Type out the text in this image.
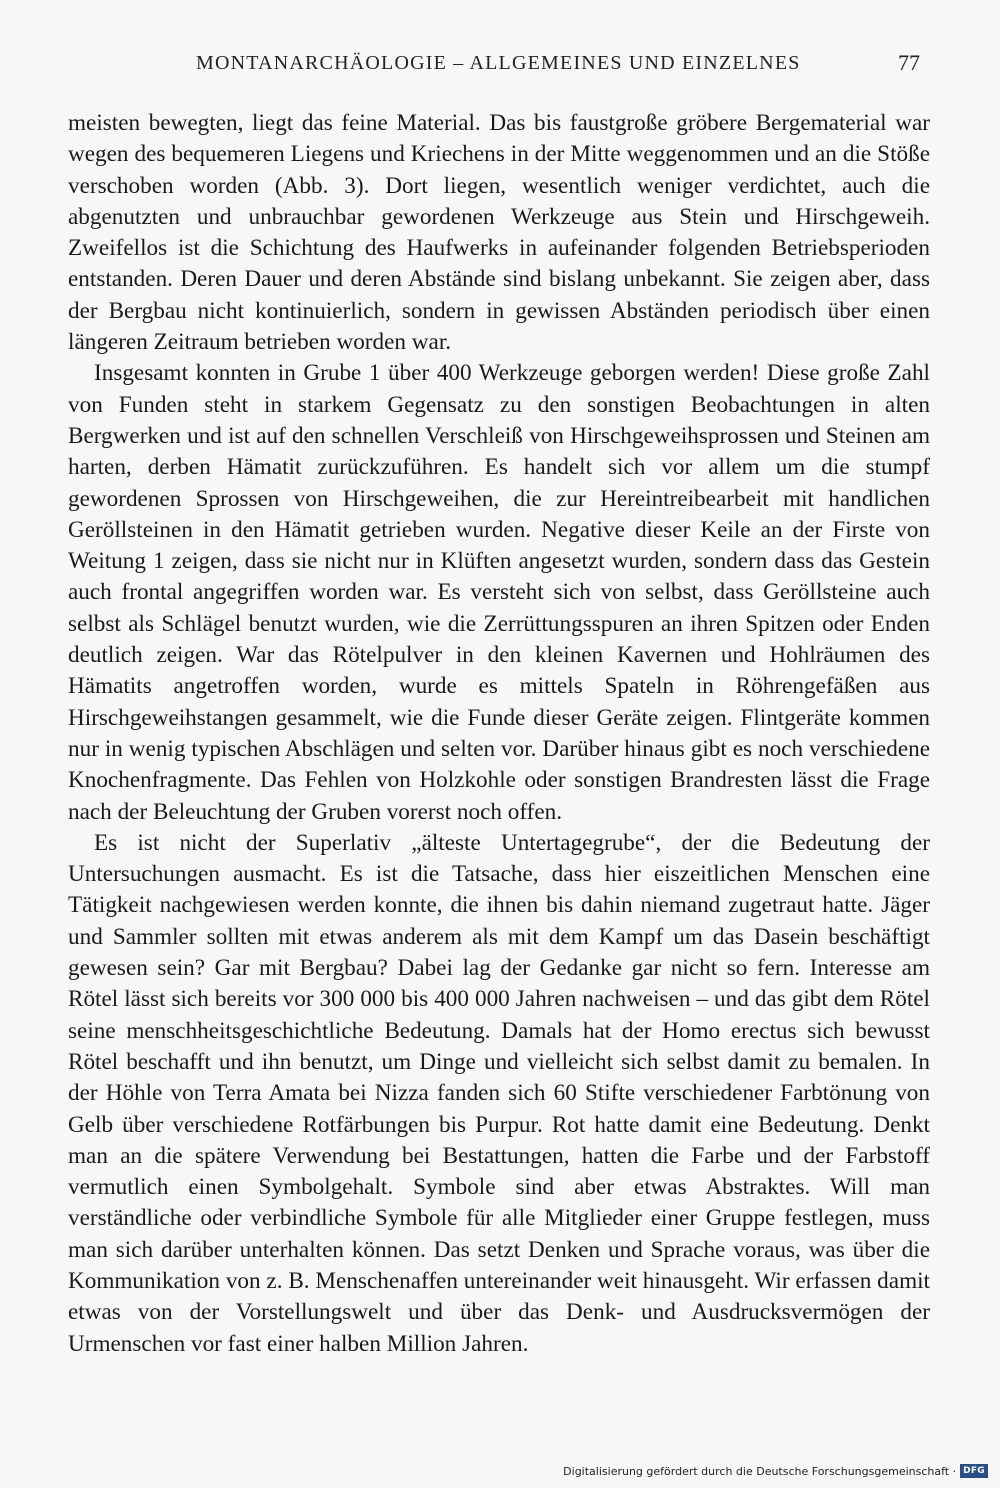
MONTANARCHÄOLOGIE – ALLGEMEINES UND EINZELNES	77

meisten bewegten, liegt das feine Material. Das bis faustgroße gröbere Bergematerial war wegen des bequemeren Liegens und Kriechens in der Mitte weggenommen und an die Stöße verschoben worden (Abb. 3). Dort liegen, wesentlich weniger verdichtet, auch die abgenutzten und unbrauchbar gewordenen Werkzeuge aus Stein und Hirschgeweih. Zweifellos ist die Schichtung des Haufwerks in aufeinander folgenden Betriebsperioden entstanden. Deren Dauer und deren Abstände sind bislang unbekannt. Sie zeigen aber, dass der Bergbau nicht kontinuierlich, sondern in gewissen Abständen periodisch über einen längeren Zeitraum betrieben worden war.

Insgesamt konnten in Grube 1 über 400 Werkzeuge geborgen werden! Diese große Zahl von Funden steht in starkem Gegensatz zu den sonstigen Beobachtungen in alten Bergwerken und ist auf den schnellen Verschleiß von Hirschgeweihsprossen und Steinen am harten, derben Hämatit zurückzuführen. Es handelt sich vor allem um die stumpf gewordenen Sprossen von Hirschgeweihen, die zur Hereintreibearbeit mit handlichen Geröllsteinen in den Hämatit getrieben wurden. Negative dieser Keile an der Firste von Weitung 1 zeigen, dass sie nicht nur in Klüften angesetzt wurden, sondern dass das Gestein auch frontal angegriffen worden war. Es versteht sich von selbst, dass Geröllsteine auch selbst als Schlägel benutzt wurden, wie die Zerrüttungsspuren an ihren Spitzen oder Enden deutlich zeigen. War das Rötelpulver in den kleinen Kavernen und Hohlräumen des Hämatits angetroffen worden, wurde es mittels Spateln in Röhrengefäßen aus Hirschgeweihstangen gesammelt, wie die Funde dieser Geräte zeigen. Flintgeräte kommen nur in wenig typischen Abschlägen und selten vor. Darüber hinaus gibt es noch verschiedene Knochenfragmente. Das Fehlen von Holzkohle oder sonstigen Brandresten lässt die Frage nach der Beleuchtung der Gruben vorerst noch offen.

Es ist nicht der Superlativ „älteste Untertagegrube“, der die Bedeutung der Untersuchungen ausmacht. Es ist die Tatsache, dass hier eiszeitlichen Menschen eine Tätigkeit nachgewiesen werden konnte, die ihnen bis dahin niemand zugetraut hatte. Jäger und Sammler sollten mit etwas anderem als mit dem Kampf um das Dasein beschäftigt gewesen sein? Gar mit Bergbau? Dabei lag der Gedanke gar nicht so fern. Interesse am Rötel lässt sich bereits vor 300 000 bis 400 000 Jahren nachweisen – und das gibt dem Rötel seine menschheitsgeschichtliche Bedeutung. Damals hat der Homo erectus sich bewusst Rötel beschafft und ihn benutzt, um Dinge und vielleicht sich selbst damit zu bemalen. In der Höhle von Terra Amata bei Nizza fanden sich 60 Stifte verschiedener Farbtönung von Gelb über verschiedene Rotfärbungen bis Purpur. Rot hatte damit eine Bedeutung. Denkt man an die spätere Verwendung bei Bestattungen, hatten die Farbe und der Farbstoff vermutlich einen Symbolgehalt. Symbole sind aber etwas Abstraktes. Will man verständliche oder verbindliche Symbole für alle Mitglieder einer Gruppe festlegen, muss man sich darüber unterhalten können. Das setzt Denken und Sprache voraus, was über die Kommunikation von z. B. Menschenaffen untereinander weit hinausgeht. Wir erfassen damit etwas von der Vorstellungswelt und über das Denk- und Ausdrucksvermögen der Urmenschen vor fast einer halben Million Jahren.

Digitalisierung gefördert durch die Deutsche Forschungsgemeinschaft · DFG
